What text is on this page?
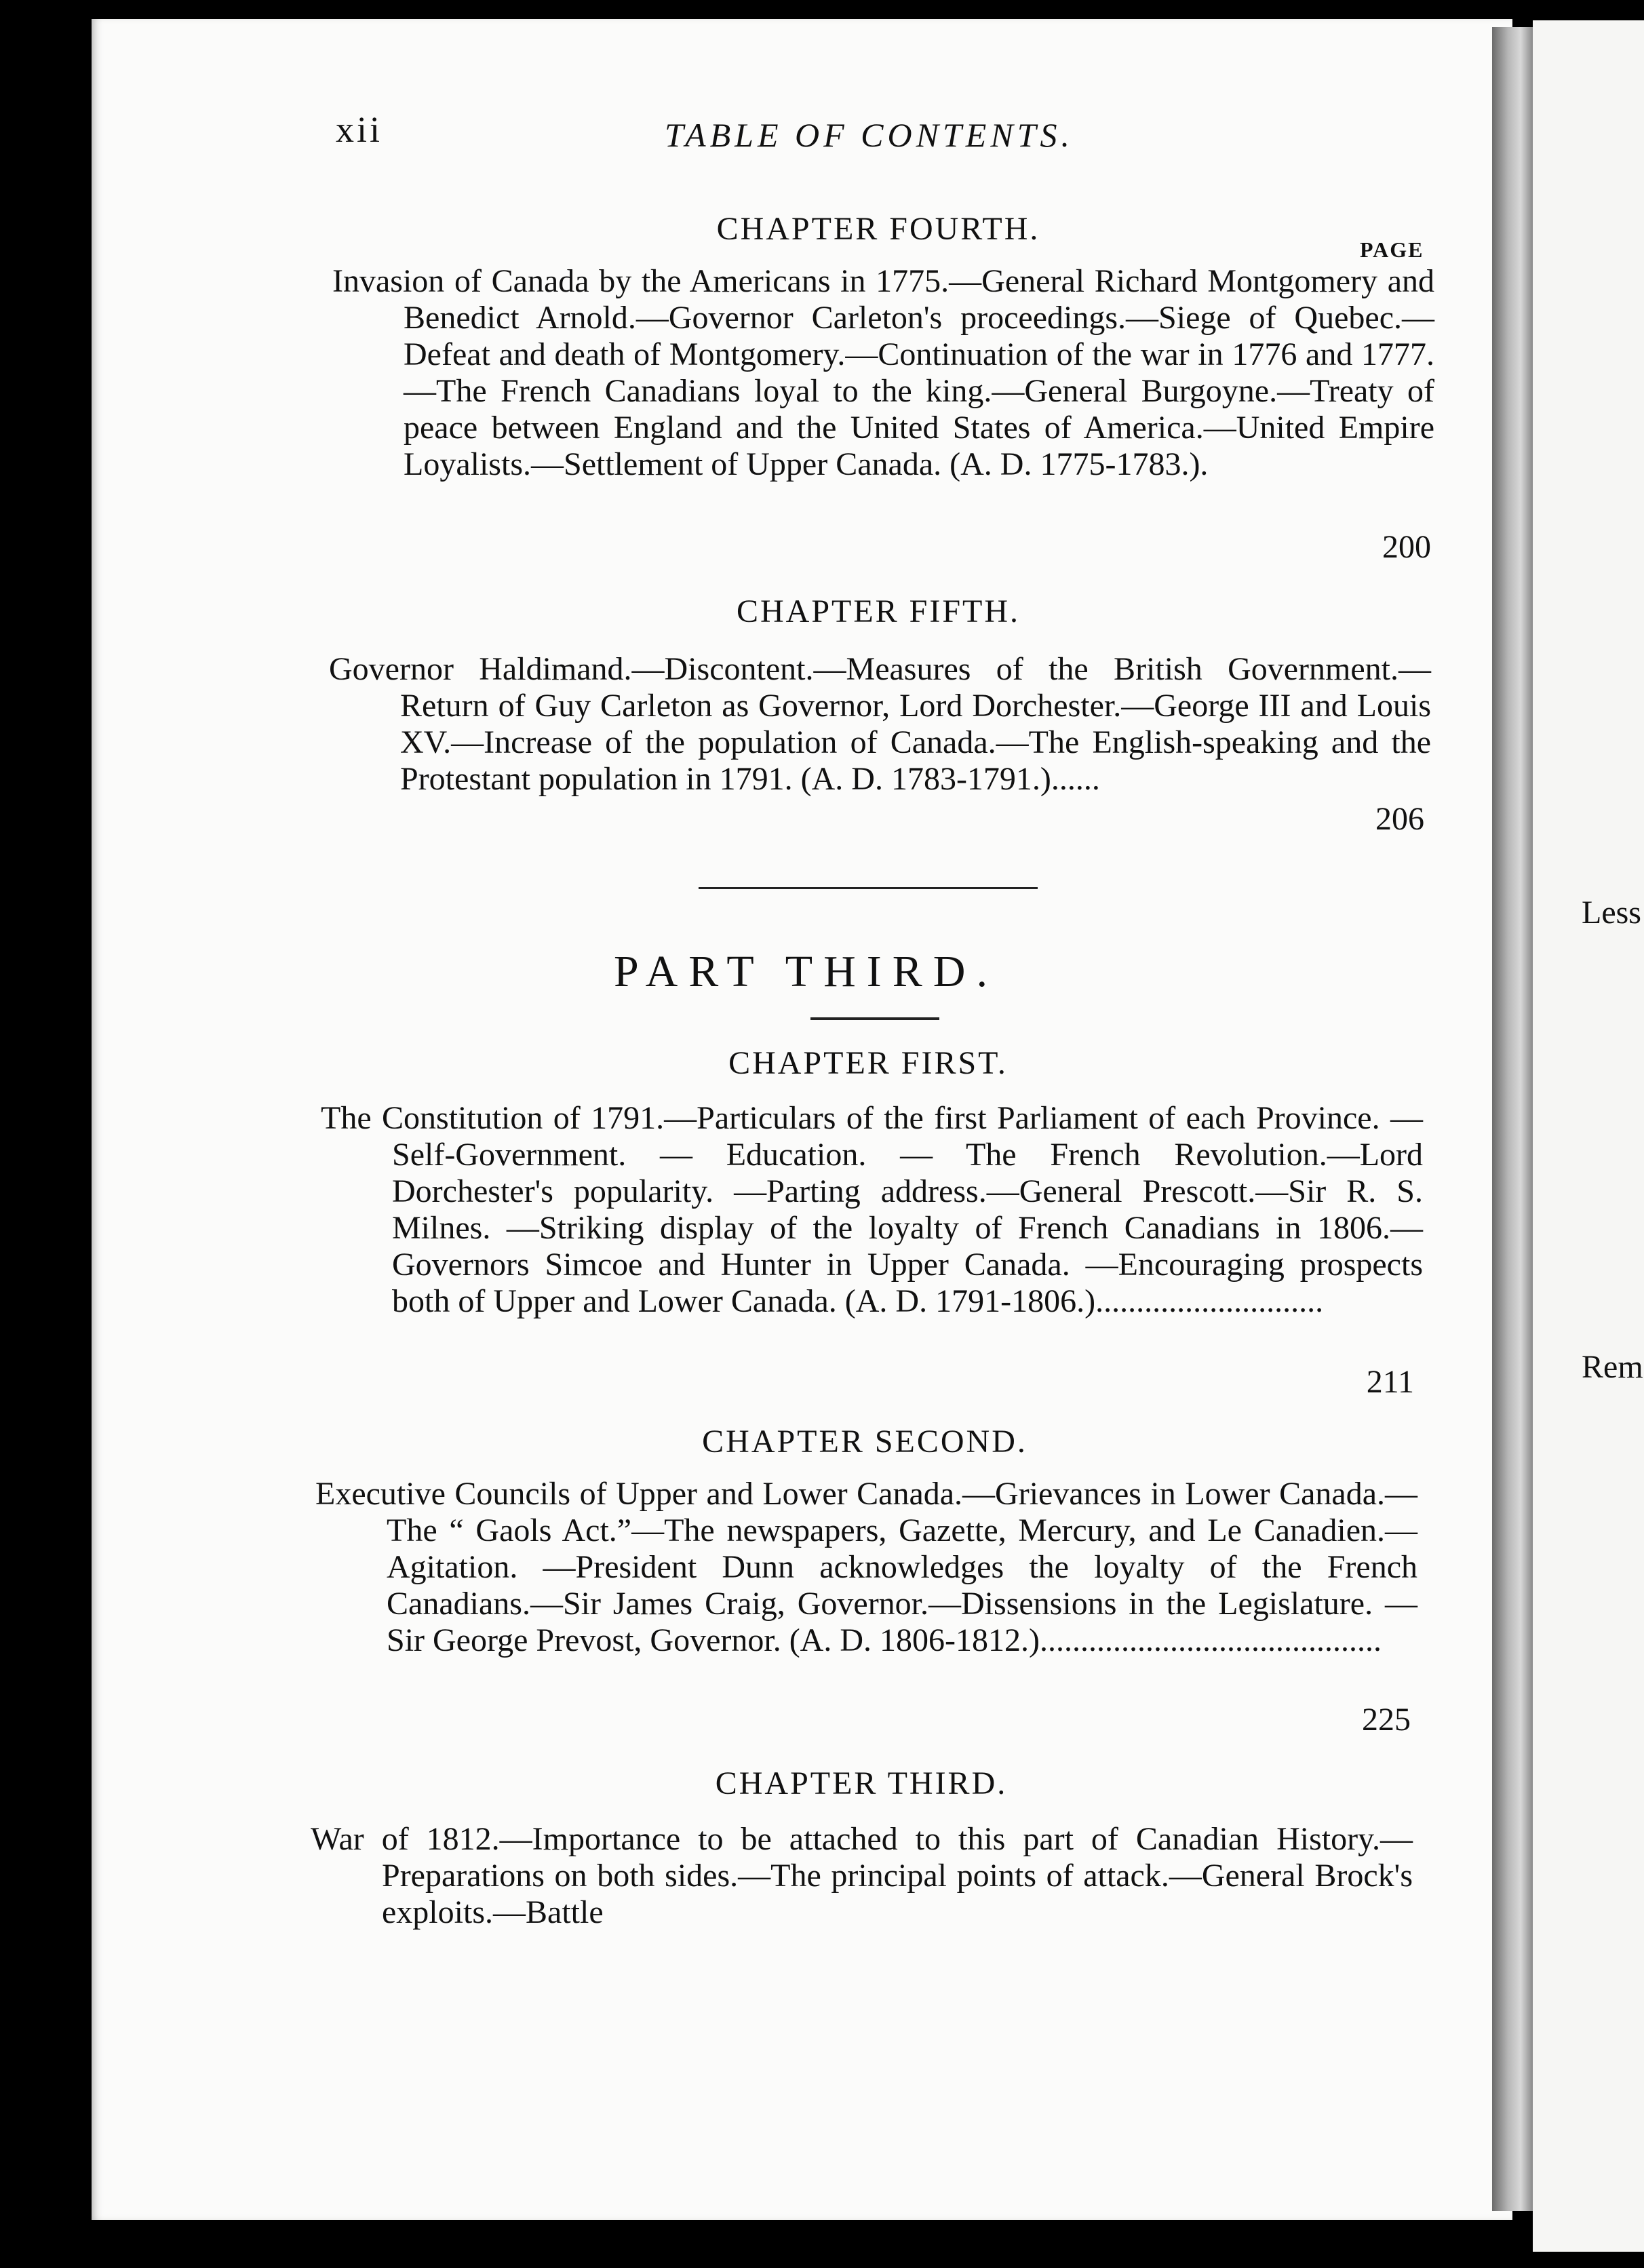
Less
Rem
xii	TABLE OF CONTENTS.
PAGE
CHAPTER FOURTH.
Invasion of Canada by the Americans in 1775.—General Richard Montgomery and Benedict Arnold.—Governor Carleton's proceedings.—Siege of Quebec.—Defeat and death of Montgomery.—Continuation of the war in 1776 and 1777.—The French Canadians loyal to the king.—General Burgoyne.—Treaty of peace between England and the United States of America.—United Empire Loyalists.—Settlement of Upper Canada. (A. D. 1775-1783.).
200
CHAPTER FIFTH.
Governor Haldimand.—Discontent.—Measures of the British Government.—Return of Guy Carleton as Governor, Lord Dorchester.—George III and Louis XV.—Increase of the population of Canada.—The English-speaking and the Protestant population in 1791. (A. D. 1783-1791.)......
206
PART THIRD.
CHAPTER FIRST.
The Constitution of 1791.—Particulars of the first Parliament of each Province. — Self-Government. — Education. — The French Revolution.—Lord Dorchester's popularity. —Parting address.—General Prescott.—Sir R. S. Milnes. —Striking display of the loyalty of French Canadians in 1806.—Governors Simcoe and Hunter in Upper Canada. —Encouraging prospects both of Upper and Lower Canada. (A. D. 1791-1806.)............................
211
CHAPTER SECOND.
Executive Councils of Upper and Lower Canada.—Grievances in Lower Canada.—The “ Gaols Act.”—The newspapers, Gazette, Mercury, and Le Canadien.—Agitation. —President Dunn acknowledges the loyalty of the French Canadians.—Sir James Craig, Governor.—Dissensions in the Legislature. — Sir George Prevost, Governor. (A. D. 1806-1812.)..........................................
225
CHAPTER THIRD.
War of 1812.—Importance to be attached to this part of Canadian History.—Preparations on both sides.—The principal points of attack.—General Brock's exploits.—Battle
